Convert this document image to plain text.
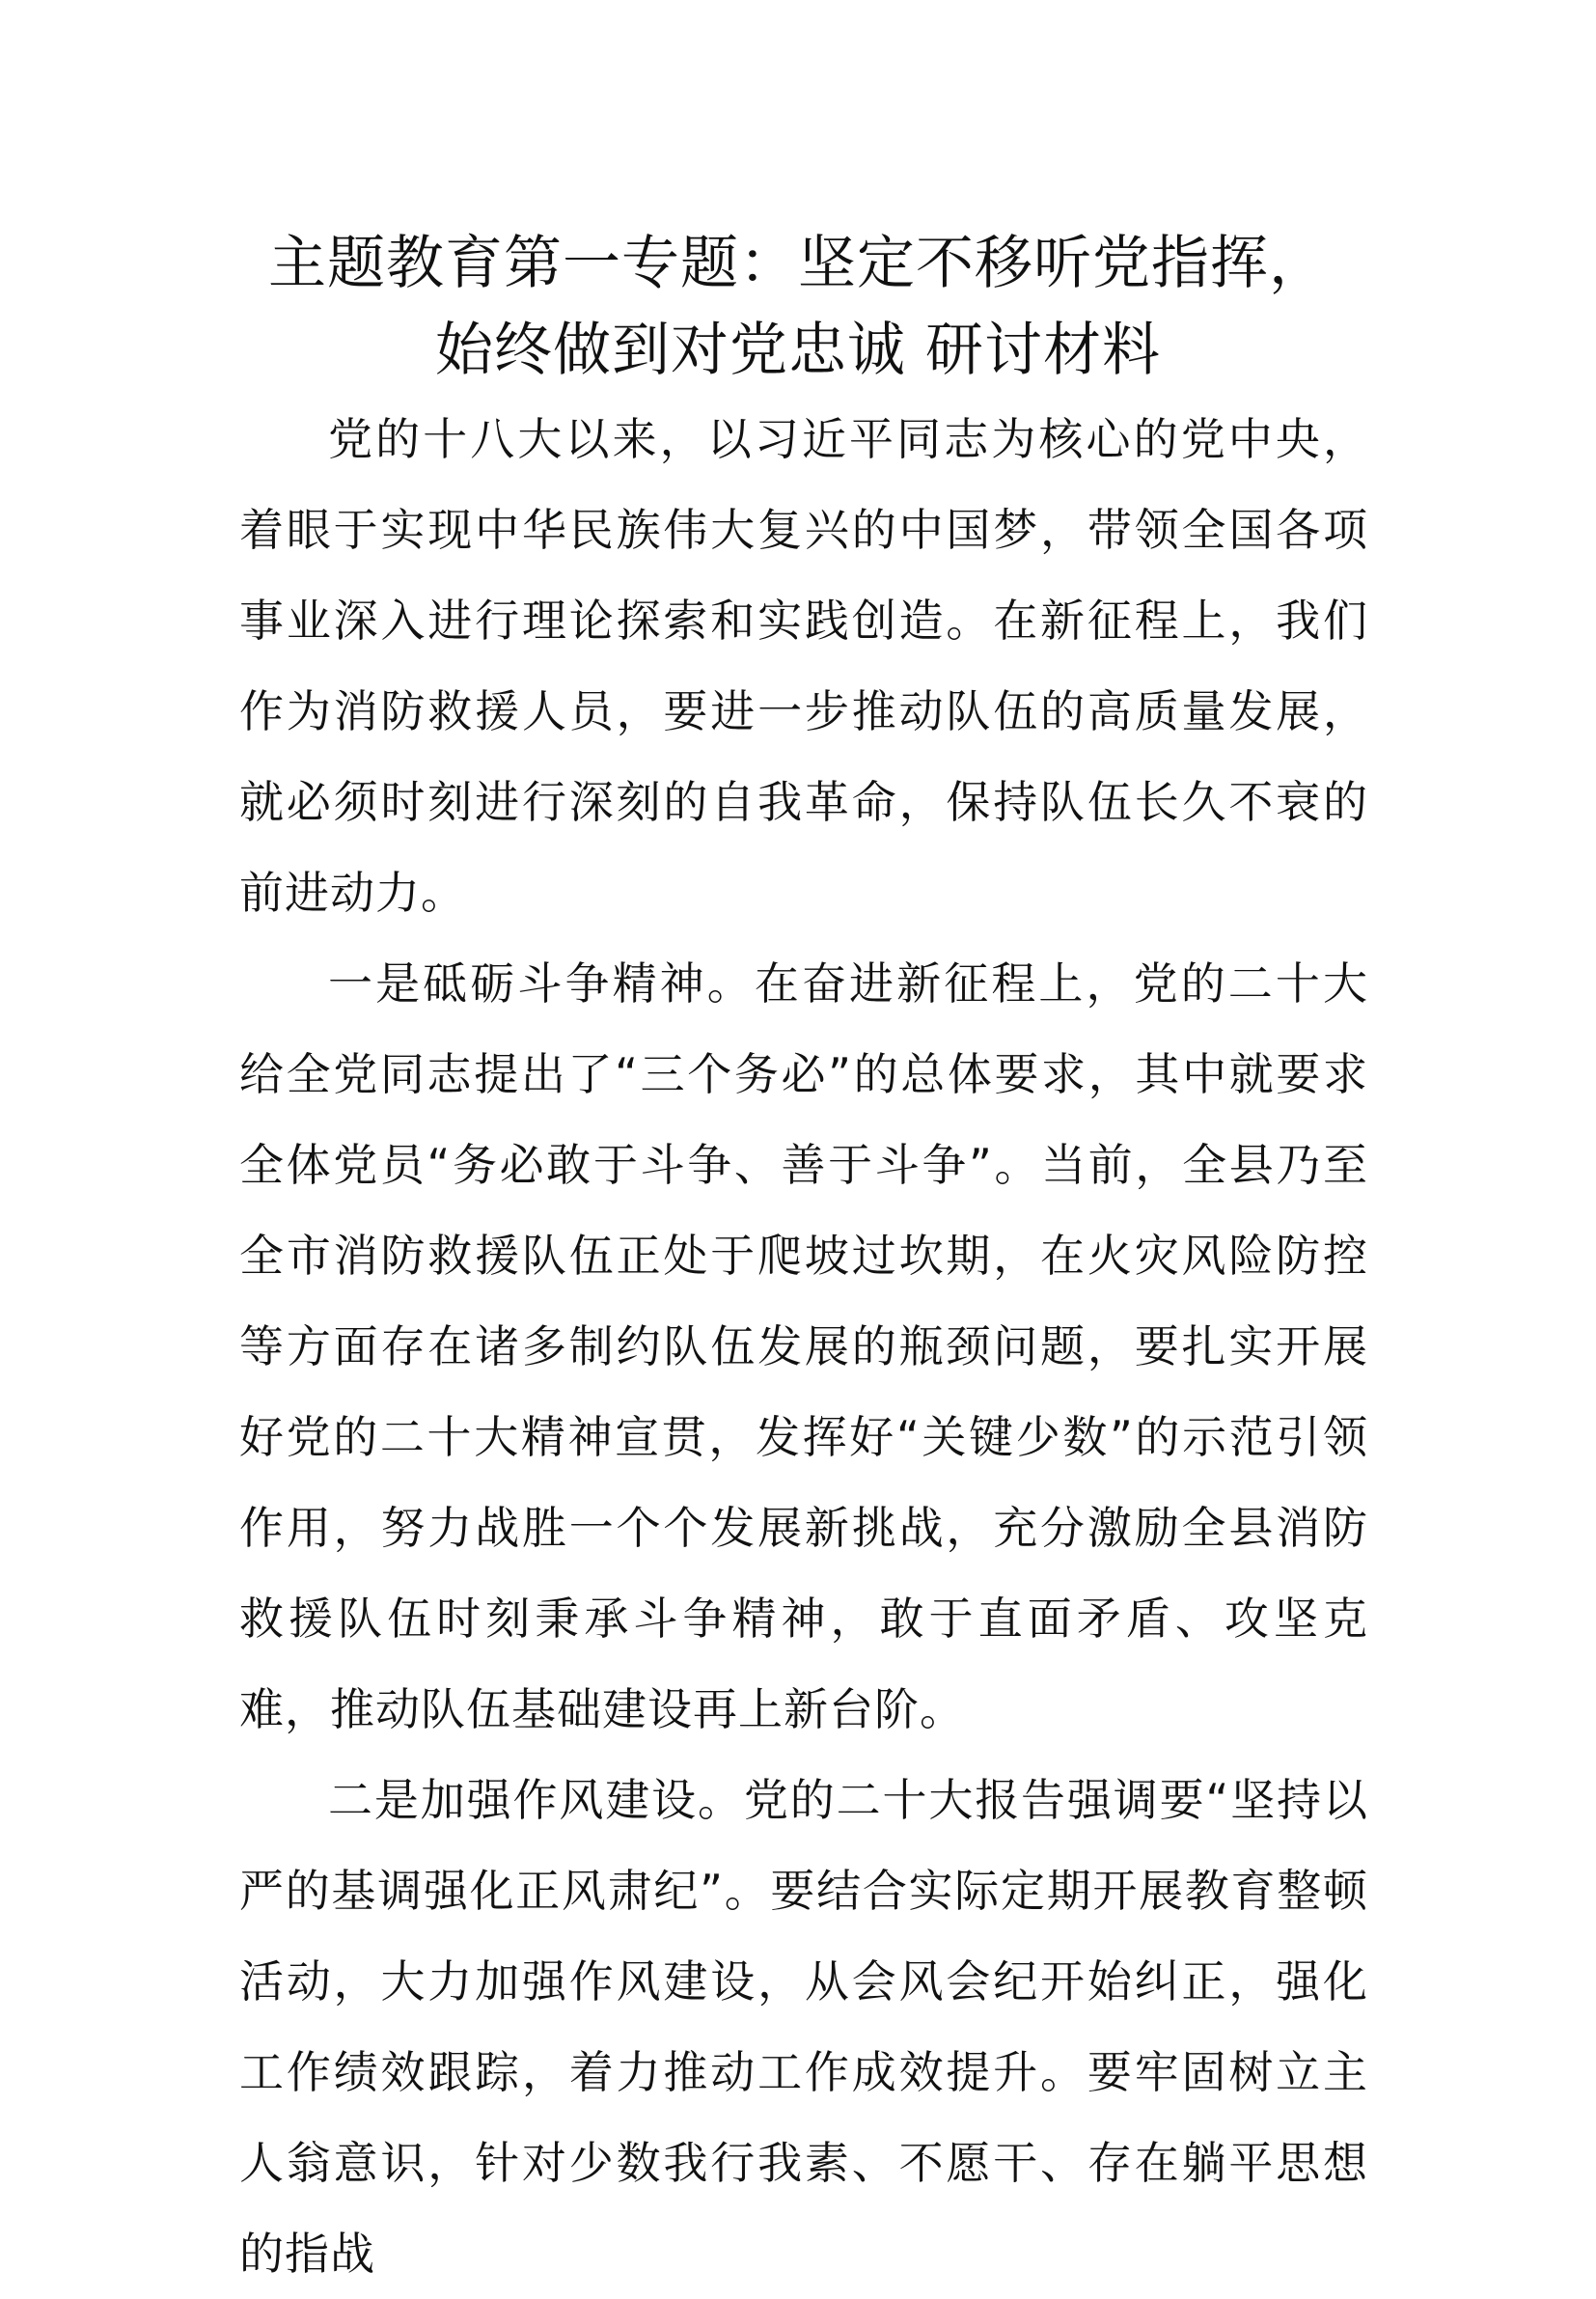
主题教育第一专题：坚定不移听党指挥，
始终做到对党忠诚 研讨材料

党的十八大以来，以习近平同志为核心的党中央，着眼于实现中华民族伟大复兴的中国梦，带领全国各项事业深入进行理论探索和实践创造。在新征程上，我们作为消防救援人员，要进一步推动队伍的高质量发展，就必须时刻进行深刻的自我革命，保持队伍长久不衰的前进动力。

一是砥砺斗争精神。在奋进新征程上，党的二十大给全党同志提出了“三个务必”的总体要求，其中就要求全体党员“务必敢于斗争、善于斗争”。当前，全县乃至全市消防救援队伍正处于爬坡过坎期，在火灾风险防控等方面存在诸多制约队伍发展的瓶颈问题，要扎实开展好党的二十大精神宣贯，发挥好“关键少数”的示范引领作用，努力战胜一个个发展新挑战，充分激励全县消防救援队伍时刻秉承斗争精神，敢于直面矛盾、攻坚克难，推动队伍基础建设再上新台阶。

二是加强作风建设。党的二十大报告强调要“坚持以严的基调强化正风肃纪”。要结合实际定期开展教育整顿活动，大力加强作风建设，从会风会纪开始纠正，强化工作绩效跟踪，着力推动工作成效提升。要牢固树立主人翁意识，针对少数我行我素、不愿干、存在躺平思想的指战
